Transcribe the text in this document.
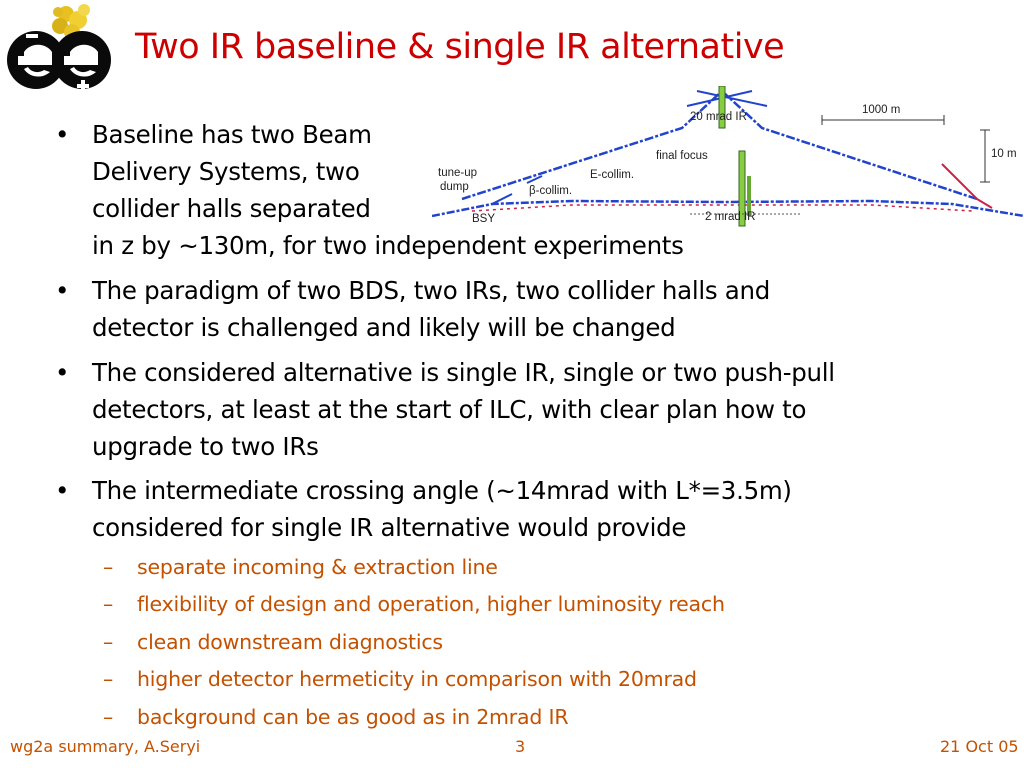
Two IR baseline & single IR alternative
20 mrad IR
final focus
E-collim.
β-collim.
tune-up
dump
BSY	2 mrad IR
1000 m
10 m
• Baseline has two Beam
Delivery Systems, two
collider halls separated
in z by ~130m, for two independent experiments
• The paradigm of two BDS, two IRs, two collider halls and
detector is challenged and likely will be changed
• The considered alternative is single IR, single or two push-pull
detectors, at least at the start of ILC, with clear plan how to
upgrade to two IRs
• The intermediate crossing angle (~14mrad with L*=3.5m)
considered for single IR alternative would provide
– separate incoming & extraction line
– flexibility of design and operation, higher luminosity reach
– clean downstream diagnostics
– higher detector hermeticity in comparison with 20mrad
– background can be as good as in 2mrad IR
wg2a summary, A.Seryi	3	21 Oct 05
